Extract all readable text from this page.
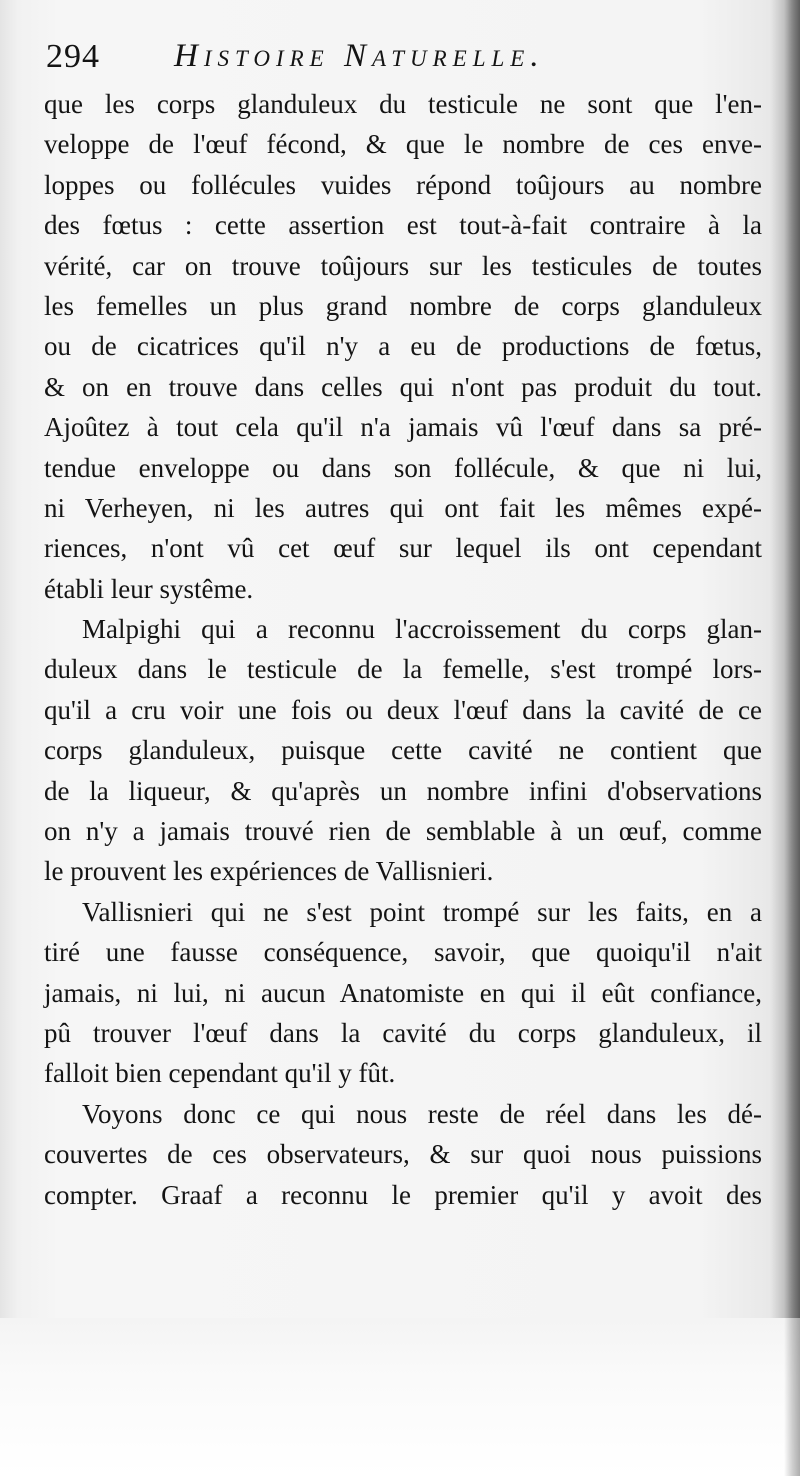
294 Histoire Naturelle.
que les corps glanduleux du testicule ne sont que l'en-
veloppe de l'œuf fécond, & que le nombre de ces enve-
loppes ou follécules vuides répond toûjours au nombre
des fœtus : cette assertion est tout-à-fait contraire à la
vérité, car on trouve toûjours sur les testicules de toutes
les femelles un plus grand nombre de corps glanduleux
ou de cicatrices qu'il n'y a eu de productions de fœtus,
& on en trouve dans celles qui n'ont pas produit du tout.
Ajoûtez à tout cela qu'il n'a jamais vû l'œuf dans sa pré-
tendue enveloppe ou dans son follécule, & que ni lui,
ni Verheyen, ni les autres qui ont fait les mêmes expé-
riences, n'ont vû cet œuf sur lequel ils ont cependant
établi leur systême.
Malpighi qui a reconnu l'accroissement du corps glan-
duleux dans le testicule de la femelle, s'est trompé lors-
qu'il a cru voir une fois ou deux l'œuf dans la cavité de ce
corps glanduleux, puisque cette cavité ne contient que
de la liqueur, & qu'après un nombre infini d'observations
on n'y a jamais trouvé rien de semblable à un œuf, comme
le prouvent les expériences de Vallisnieri.
Vallisnieri qui ne s'est point trompé sur les faits, en a
tiré une fausse conséquence, savoir, que quoiqu'il n'ait
jamais, ni lui, ni aucun Anatomiste en qui il eût confiance,
pû trouver l'œuf dans la cavité du corps glanduleux, il
falloit bien cependant qu'il y fût.
Voyons donc ce qui nous reste de réel dans les dé-
couvertes de ces observateurs, & sur quoi nous puissions
compter. Graaf a reconnu le premier qu'il y avoit des
